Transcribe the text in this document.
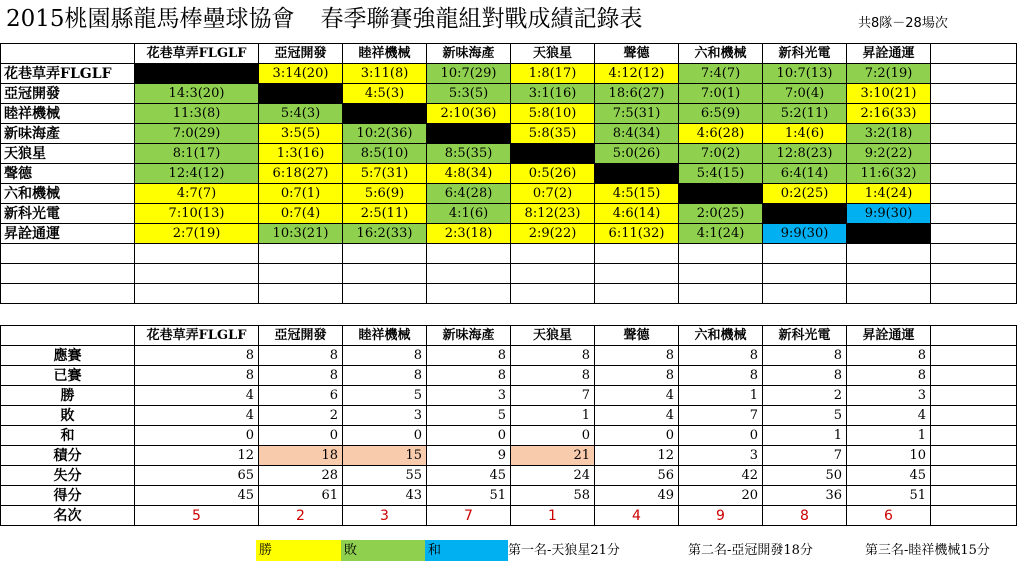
2015桃園縣龍馬棒壘球協會 春季聯賽強龍組對戰成績記錄表	共8隊－28場次
	花巷草弄FLGLF	亞冠開發	睦祥機械	新味海產	天狼星	聲德	六和機械	新科光電	昇詮通運	
花巷草弄FLGLF		3:14(20)	3:11(8)	10:7(29)	1:8(17)	4:12(12)	7:4(7)	10:7(13)	7:2(19)	
亞冠開發	14:3(20)		4:5(3)	5:3(5)	3:1(16)	18:6(27)	7:0(1)	7:0(4)	3:10(21)	
睦祥機械	11:3(8)	5:4(3)		2:10(36)	5:8(10)	7:5(31)	6:5(9)	5:2(11)	2:16(33)	
新味海產	7:0(29)	3:5(5)	10:2(36)		5:8(35)	8:4(34)	4:6(28)	1:4(6)	3:2(18)	
天狼星	8:1(17)	1:3(16)	8:5(10)	8:5(35)		5:0(26)	7:0(2)	12:8(23)	9:2(22)	
聲德	12:4(12)	6:18(27)	5:7(31)	4:8(34)	0:5(26)		5:4(15)	6:4(14)	11:6(32)	
六和機械	4:7(7)	0:7(1)	5:6(9)	6:4(28)	0:7(2)	4:5(15)		0:2(25)	1:4(24)	
新科光電	7:10(13)	0:7(4)	2:5(11)	4:1(6)	8:12(23)	4:6(14)	2:0(25)		9:9(30)	
昇詮通運	2:7(19)	10:3(21)	16:2(33)	2:3(18)	2:9(22)	6:11(32)	4:1(24)	9:9(30)		

	花巷草弄FLGLF	亞冠開發	睦祥機械	新味海產	天狼星	聲德	六和機械	新科光電	昇詮通運	
應賽	8	8	8	8	8	8	8	8	8	
已賽	8	8	8	8	8	8	8	8	8	
勝	4	6	5	3	7	4	1	2	3	
敗	4	2	3	5	1	4	7	5	4	
和	0	0	0	0	0	0	0	1	1	
積分	12	18	15	9	21	12	3	7	10	
失分	65	28	55	45	24	56	42	50	45	
得分	45	61	43	51	58	49	20	36	51	
名次	5	2	3	7	1	4	9	8	6	
勝	敗	和	第一名-天狼星21分	第二名-亞冠開發18分	第三名-睦祥機械15分
